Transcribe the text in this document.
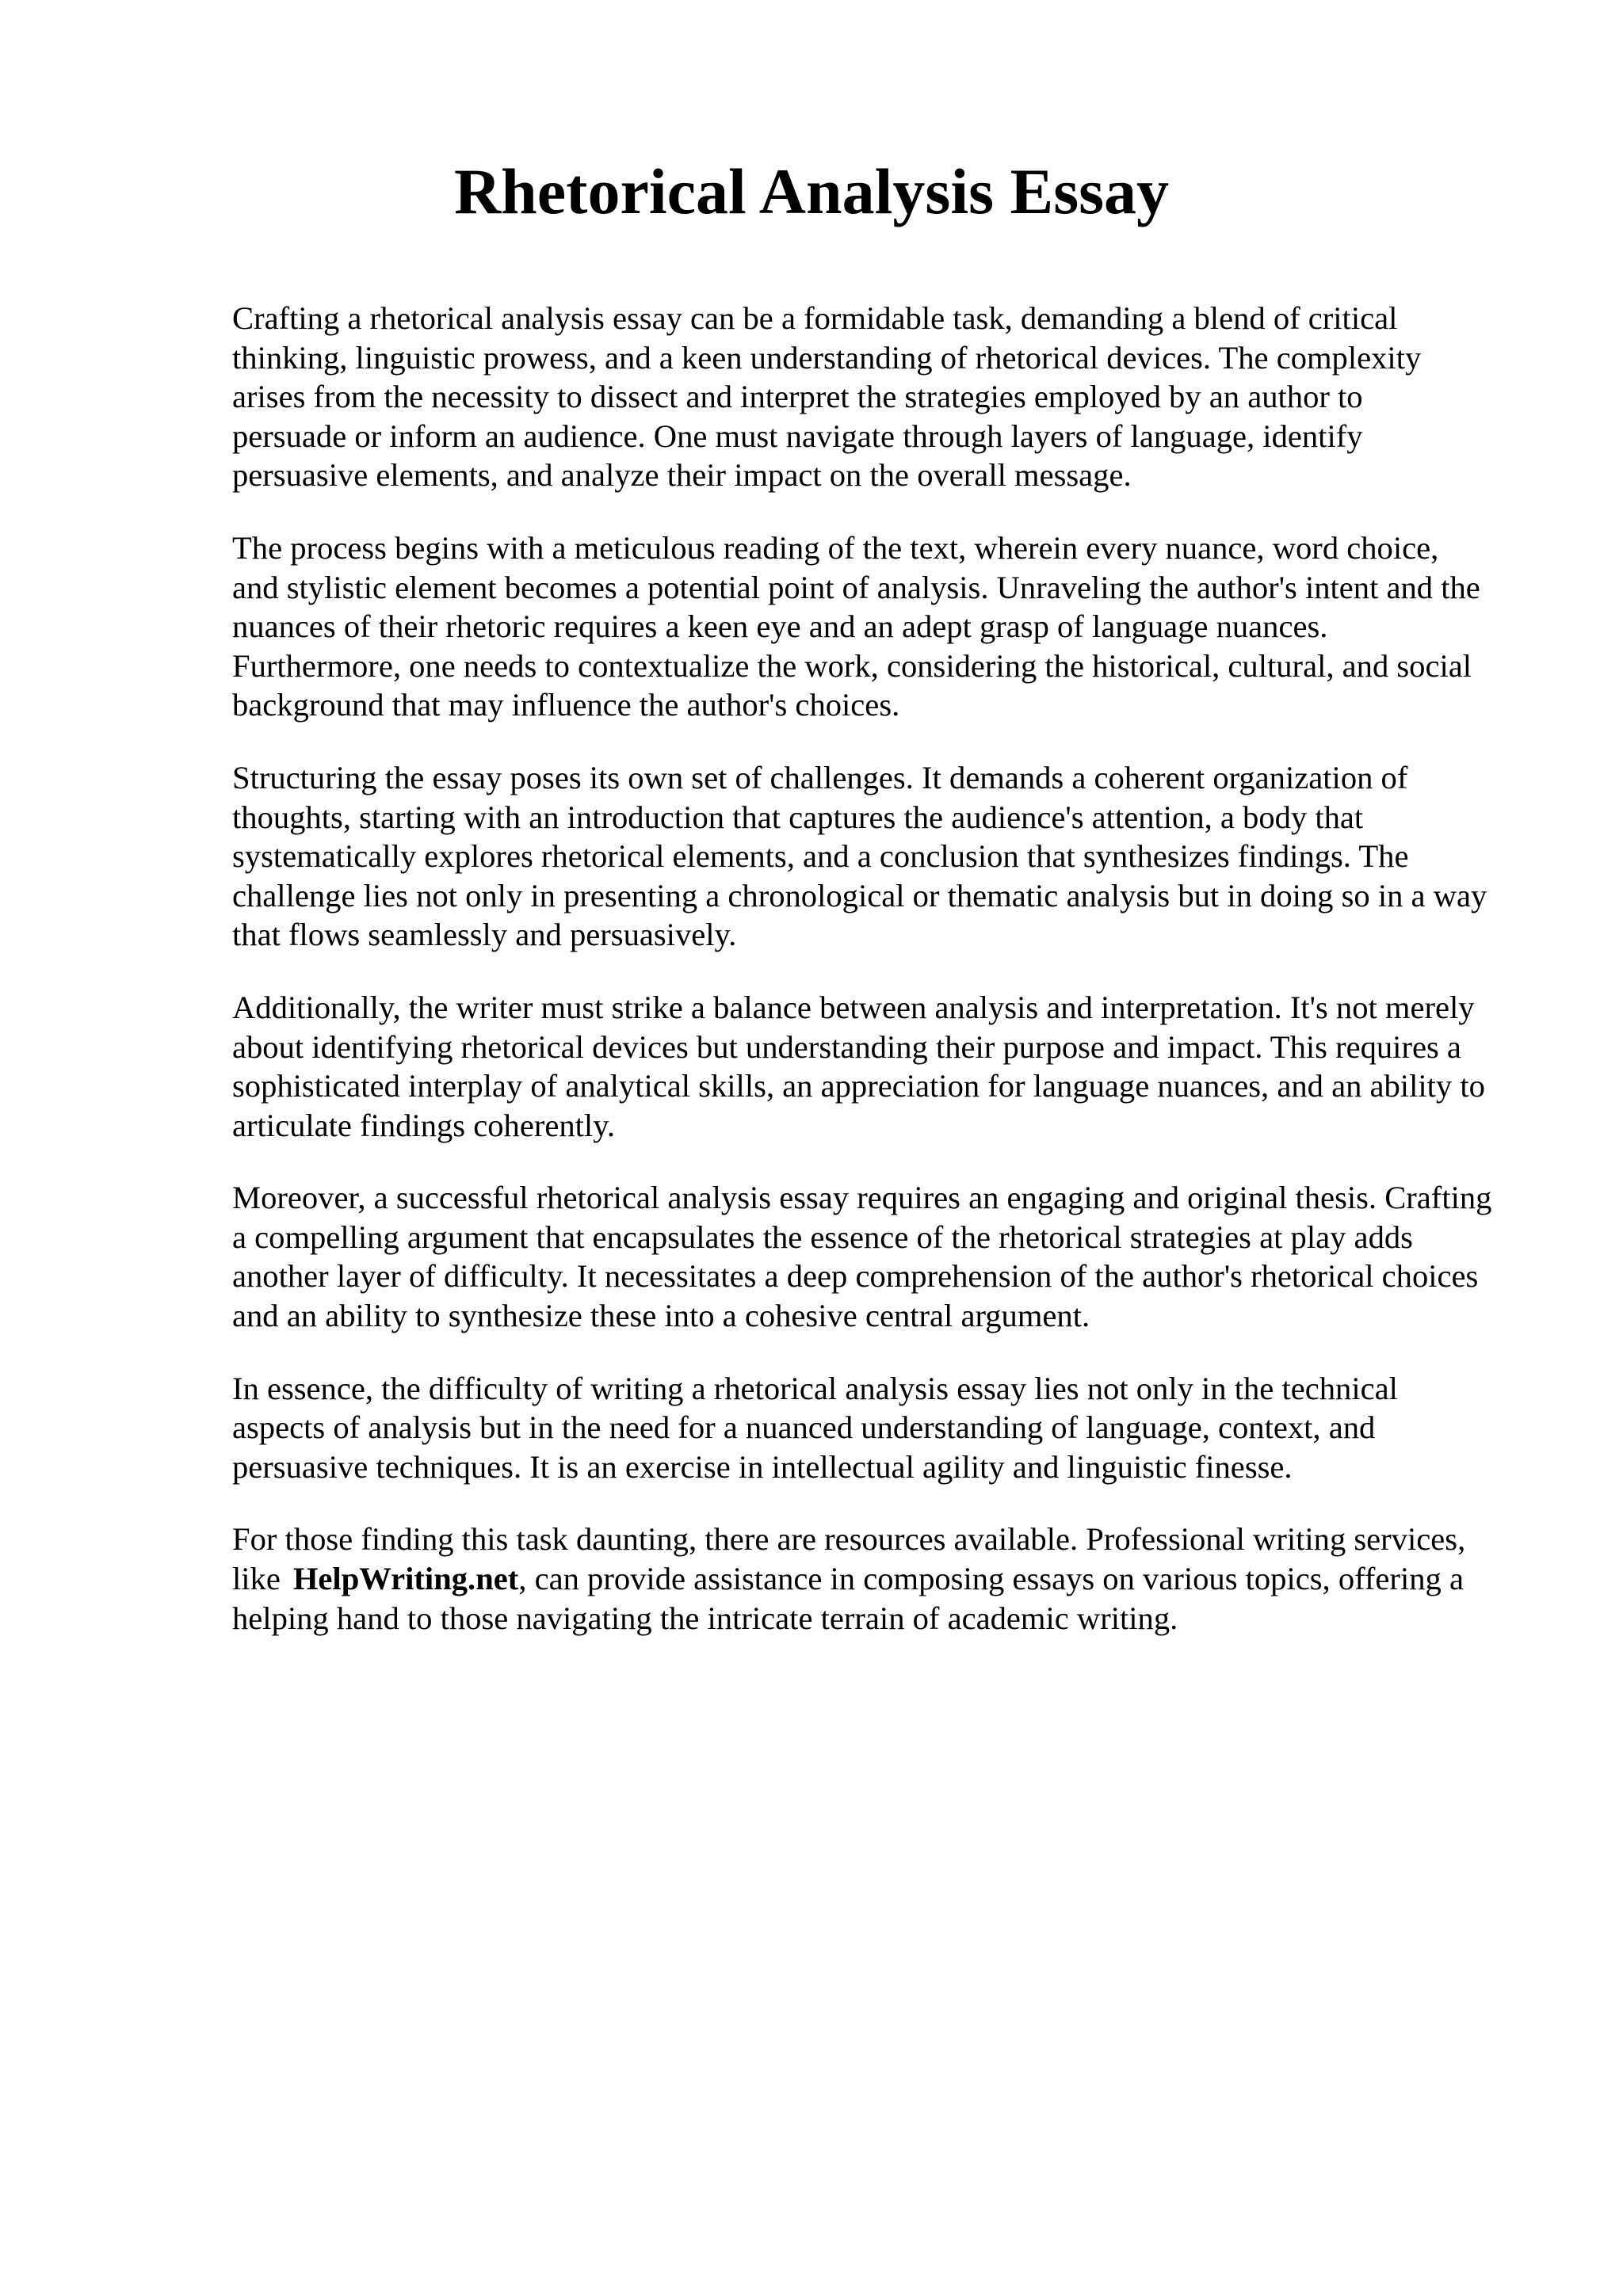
Rhetorical Analysis Essay

Crafting a rhetorical analysis essay can be a formidable task, demanding a blend of critical
thinking, linguistic prowess, and a keen understanding of rhetorical devices. The complexity
arises from the necessity to dissect and interpret the strategies employed by an author to
persuade or inform an audience. One must navigate through layers of language, identify
persuasive elements, and analyze their impact on the overall message.

The process begins with a meticulous reading of the text, wherein every nuance, word choice,
and stylistic element becomes a potential point of analysis. Unraveling the author's intent and the
nuances of their rhetoric requires a keen eye and an adept grasp of language nuances.
Furthermore, one needs to contextualize the work, considering the historical, cultural, and social
background that may influence the author's choices.

Structuring the essay poses its own set of challenges. It demands a coherent organization of
thoughts, starting with an introduction that captures the audience's attention, a body that
systematically explores rhetorical elements, and a conclusion that synthesizes findings. The
challenge lies not only in presenting a chronological or thematic analysis but in doing so in a way
that flows seamlessly and persuasively.

Additionally, the writer must strike a balance between analysis and interpretation. It's not merely
about identifying rhetorical devices but understanding their purpose and impact. This requires a
sophisticated interplay of analytical skills, an appreciation for language nuances, and an ability to
articulate findings coherently.

Moreover, a successful rhetorical analysis essay requires an engaging and original thesis. Crafting
a compelling argument that encapsulates the essence of the rhetorical strategies at play adds
another layer of difficulty. It necessitates a deep comprehension of the author's rhetorical choices
and an ability to synthesize these into a cohesive central argument.

In essence, the difficulty of writing a rhetorical analysis essay lies not only in the technical
aspects of analysis but in the need for a nuanced understanding of language, context, and
persuasive techniques. It is an exercise in intellectual agility and linguistic finesse.

For those finding this task daunting, there are resources available. Professional writing services,
like HelpWriting.net, can provide assistance in composing essays on various topics, offering a
helping hand to those navigating the intricate terrain of academic writing.
